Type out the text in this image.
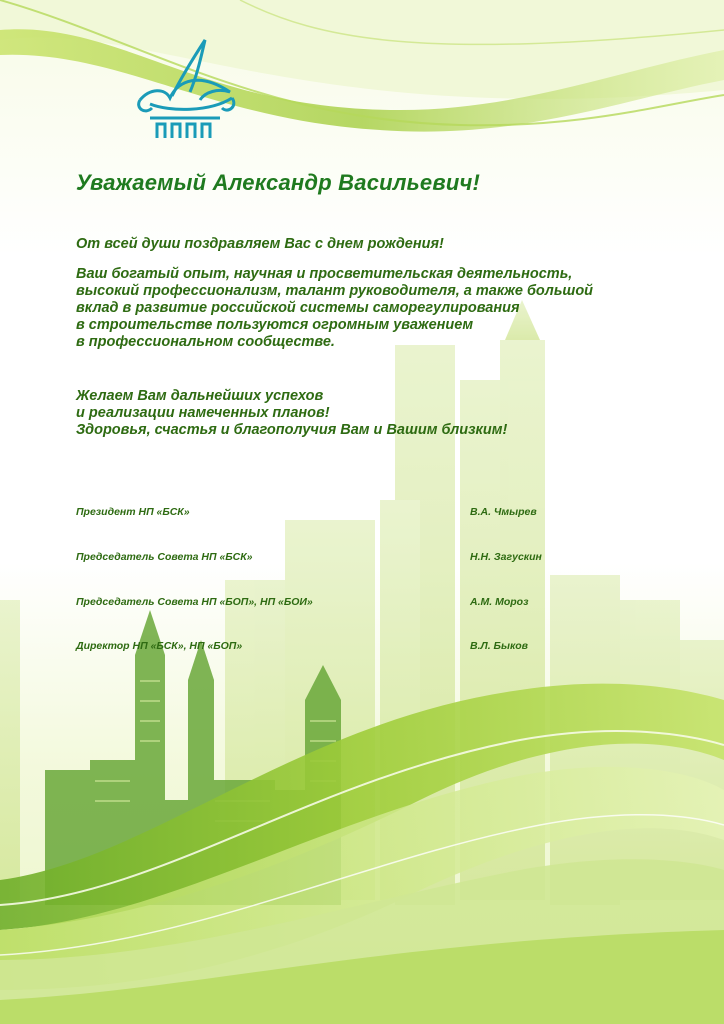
Уважаемый Александр Васильевич!

От всей души поздравляем Вас с днем рождения!

Ваш богатый опыт, научная и просветительская деятельность,
высокий профессионализм, талант руководителя, а также большой
вклад в развитие российской системы саморегулирования
в строительстве пользуются огромным уважением
в профессиональном сообществе.

Желаем Вам дальнейших успехов
и реализации намеченных планов!
Здоровья, счастья и благополучия Вам и Вашим близким!

Президент НП «БСК»	В.А. Чмырев
Председатель Совета НП «БСК»	Н.Н. Загускин
Председатель Совета НП «БОП», НП «БОИ»	А.М. Мороз
Директор НП «БСК», НП «БОП»	В.Л. Быков
